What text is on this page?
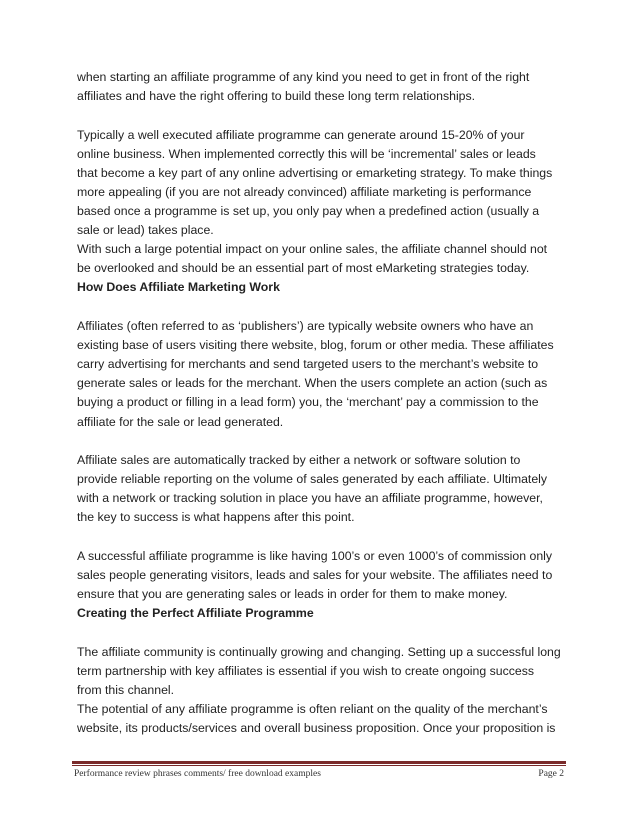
when starting an affiliate programme of any kind you need to get in front of the right

affiliates and have the right offering to build these long term relationships.

Typically a well executed affiliate programme can generate around 15-20% of your

online business. When implemented correctly this will be ‘incremental’ sales or leads

that become a key part of any online advertising or emarketing strategy. To make things

more appealing (if you are not already convinced) affiliate marketing is performance

based once a programme is set up, you only pay when a predefined action (usually a

sale or lead) takes place.

With such a large potential impact on your online sales, the affiliate channel should not

be overlooked and should be an essential part of most eMarketing strategies today.

How Does Affiliate Marketing Work

Affiliates (often referred to as ‘publishers’) are typically website owners who have an

existing base of users visiting there website, blog, forum or other media. These affiliates

carry advertising for merchants and send targeted users to the merchant’s website to

generate sales or leads for the merchant. When the users complete an action (such as

buying a product or filling in a lead form) you, the ‘merchant’ pay a commission to the

affiliate for the sale or lead generated.

Affiliate sales are automatically tracked by either a network or software solution to

provide reliable reporting on the volume of sales generated by each affiliate. Ultimately

with a network or tracking solution in place you have an affiliate programme, however,

the key to success is what happens after this point.

A successful affiliate programme is like having 100’s or even 1000’s of commission only

sales people generating visitors, leads and sales for your website. The affiliates need to

ensure that you are generating sales or leads in order for them to make money.

Creating the Perfect Affiliate Programme

The affiliate community is continually growing and changing. Setting up a successful long

term partnership with key affiliates is essential if you wish to create ongoing success

from this channel.

The potential of any affiliate programme is often reliant on the quality of the merchant’s

website, its products/services and overall business proposition. Once your proposition is

Performance review phrases comments/ free download examples	Page 2
